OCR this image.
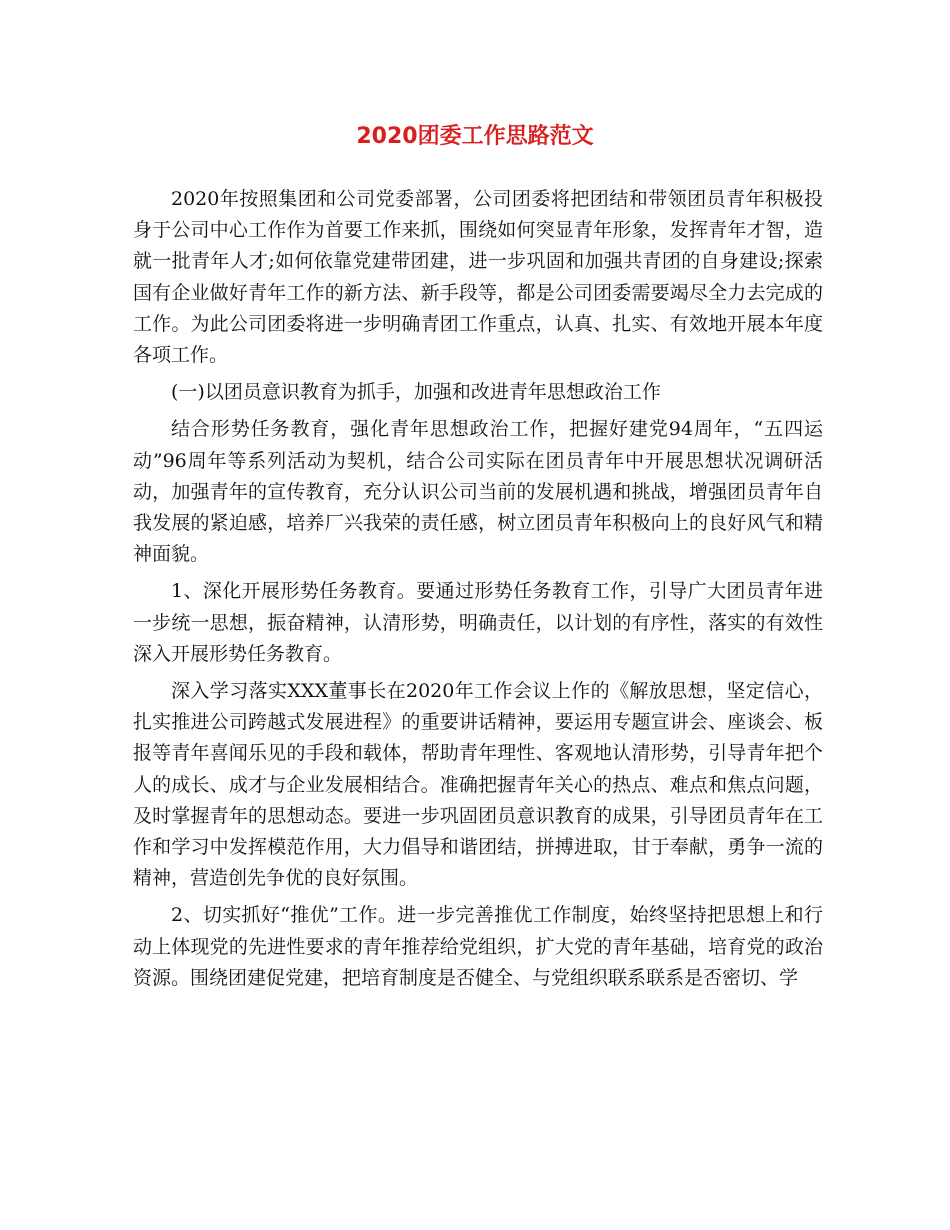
2020团委工作思路范文

2020年按照集团和公司党委部署，公司团委将把团结和带领团员青年积极投身于公司中心工作作为首要工作来抓，围绕如何突显青年形象，发挥青年才智，造就一批青年人才;如何依靠党建带团建，进一步巩固和加强共青团的自身建设;探索国有企业做好青年工作的新方法、新手段等，都是公司团委需要竭尽全力去完成的工作。为此公司团委将进一步明确青团工作重点，认真、扎实、有效地开展本年度各项工作。

(一)以团员意识教育为抓手，加强和改进青年思想政治工作

结合形势任务教育，强化青年思想政治工作，把握好建党94周年，“五四运动”96周年等系列活动为契机，结合公司实际在团员青年中开展思想状况调研活动，加强青年的宣传教育，充分认识公司当前的发展机遇和挑战，增强团员青年自我发展的紧迫感，培养厂兴我荣的责任感，树立团员青年积极向上的良好风气和精神面貌。

1、深化开展形势任务教育。要通过形势任务教育工作，引导广大团员青年进一步统一思想，振奋精神，认清形势，明确责任，以计划的有序性，落实的有效性深入开展形势任务教育。

深入学习落实XXX董事长在2020年工作会议上作的《解放思想，坚定信心，扎实推进公司跨越式发展进程》的重要讲话精神，要运用专题宣讲会、座谈会、板报等青年喜闻乐见的手段和载体，帮助青年理性、客观地认清形势，引导青年把个人的成长、成才与企业发展相结合。准确把握青年关心的热点、难点和焦点问题，及时掌握青年的思想动态。要进一步巩固团员意识教育的成果，引导团员青年在工作和学习中发挥模范作用，大力倡导和谐团结，拼搏进取，甘于奉献，勇争一流的精神，营造创先争优的良好氛围。

2、切实抓好“推优”工作。进一步完善推优工作制度，始终坚持把思想上和行动上体现党的先进性要求的青年推荐给党组织，扩大党的青年基础，培育党的政治资源。围绕团建促党建，把培育制度是否健全、与党组织联系联系是否密切、学
